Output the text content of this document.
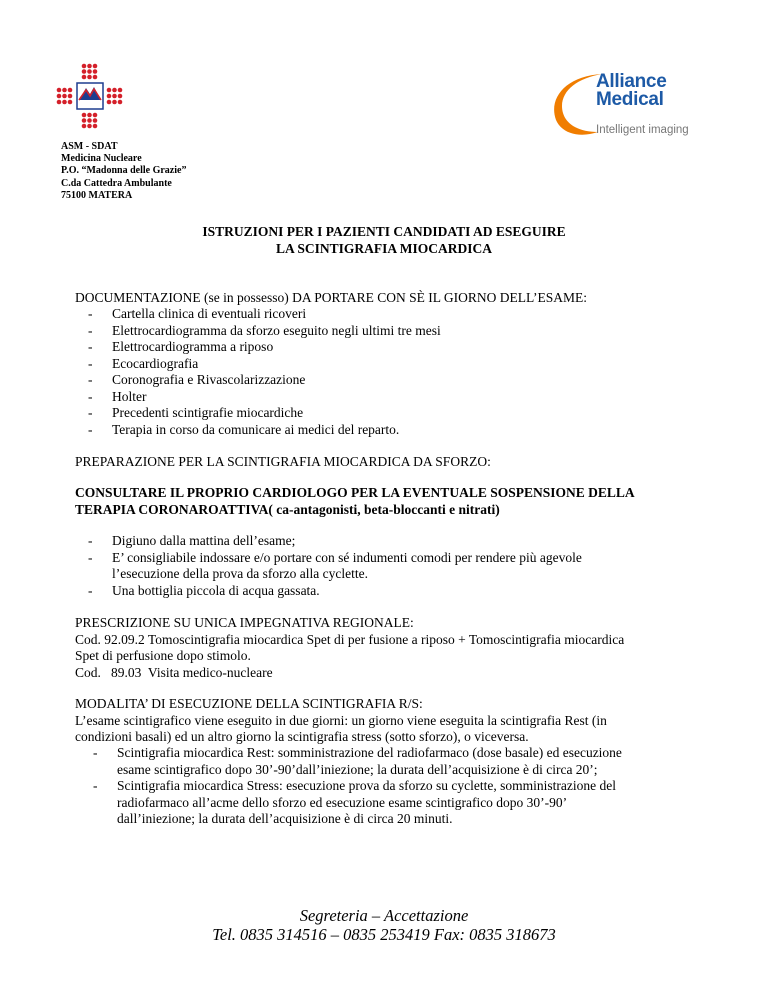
Alliance
Medical
Intelligent imaging
ASM - SDAT
Medicina Nucleare
P.O. “Madonna delle Grazie”
C.da Cattedra Ambulante
75100 MATERA
ISTRUZIONI PER I PAZIENTI CANDIDATI AD ESEGUIRE
LA SCINTIGRAFIA MIOCARDICA
DOCUMENTAZIONE (se in possesso) DA PORTARE CON SÈ IL GIORNO DELL’ESAME:
- Cartella clinica di eventuali ricoveri
- Elettrocardiogramma da sforzo eseguito negli ultimi tre mesi
- Elettrocardiogramma a riposo
- Ecocardiografia
- Coronografia e Rivascolarizzazione
- Holter
- Precedenti scintigrafie miocardiche
- Terapia in corso da comunicare ai medici del reparto.
PREPARAZIONE PER LA SCINTIGRAFIA MIOCARDICA DA SFORZO:
CONSULTARE IL PROPRIO CARDIOLOGO PER LA EVENTUALE SOSPENSIONE DELLA
TERAPIA CORONAROATTIVA( ca-antagonisti, beta-bloccanti e nitrati)
- Digiuno dalla mattina dell’esame;
- E’ consigliabile indossare e/o portare con sé indumenti comodi per rendere più agevole
l’esecuzione della prova da sforzo alla cyclette.
- Una bottiglia piccola di acqua gassata.
PRESCRIZIONE SU UNICA IMPEGNATIVA REGIONALE:
Cod. 92.09.2 Tomoscintigrafia miocardica Spet di per fusione a riposo + Tomoscintigrafia miocardica
Spet di perfusione dopo stimolo.
Cod.   89.03  Visita medico-nucleare
MODALITA’ DI ESECUZIONE DELLA SCINTIGRAFIA R/S:
L’esame scintigrafico viene eseguito in due giorni: un giorno viene eseguita la scintigrafia Rest (in
condizioni basali) ed un altro giorno la scintigrafia stress (sotto sforzo), o viceversa.
- Scintigrafia miocardica Rest: somministrazione del radiofarmaco (dose basale) ed esecuzione
esame scintigrafico dopo 30’-90’dall’iniezione; la durata dell’acquisizione è di circa 20’;
- Scintigrafia miocardica Stress: esecuzione prova da sforzo su cyclette, somministrazione del
radiofarmaco all’acme dello sforzo ed esecuzione esame scintigrafico dopo 30’-90’
dall’iniezione; la durata dell’acquisizione è di circa 20 minuti.
Segreteria – Accettazione
Tel. 0835 314516 – 0835 253419 Fax: 0835 318673
